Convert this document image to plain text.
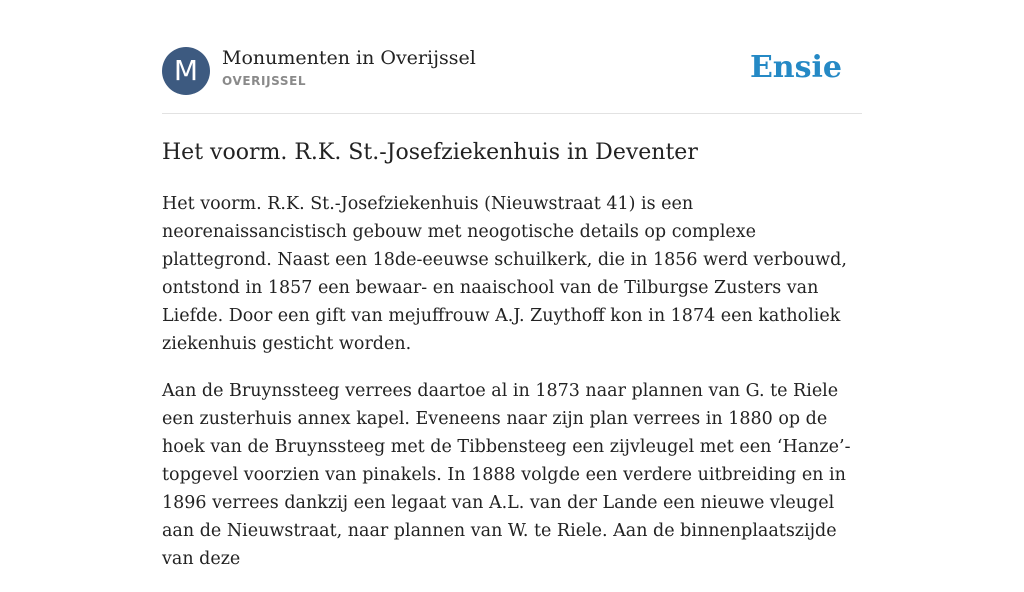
M	Monumenten in Overijssel
OVERIJSSEL	Ensie
Het voorm. R.K. St.-Josefziekenhuis in Deventer

Het voorm. R.K. St.-Josefziekenhuis (Nieuwstraat 41) is een neorenaissancistisch gebouw met neogotische details op complexe plattegrond. Naast een 18de-eeuwse schuilkerk, die in 1856 werd verbouwd, ontstond in 1857 een bewaar- en naaischool van de Tilburgse Zusters van Liefde. Door een gift van mejuffrouw A.J. Zuythoff kon in 1874 een katholiek ziekenhuis gesticht worden.

Aan de Bruynssteeg verrees daartoe al in 1873 naar plannen van G. te Riele een zusterhuis annex kapel. Eveneens naar zijn plan verrees in 1880 op de hoek van de Bruynssteeg met de Tibbensteeg een zijvleugel met een ‘Hanze’-topgevel voorzien van pinakels. In 1888 volgde een verdere uitbreiding en in 1896 verrees dankzij een legaat van A.L. van der Lande een nieuwe vleugel aan de Nieuwstraat, naar plannen van W. te Riele. Aan de binnenplaatszijde van deze
